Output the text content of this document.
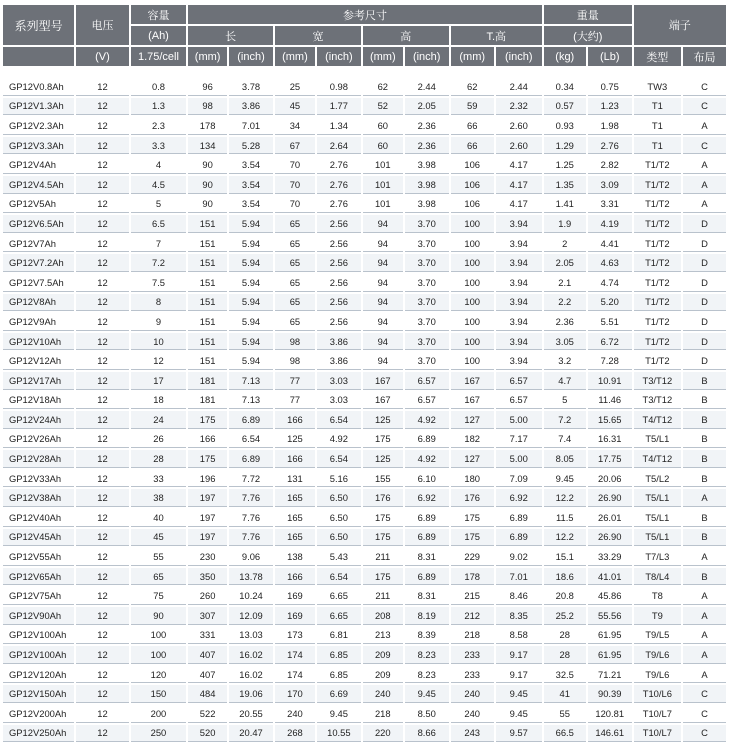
系列型号	电压	容量	参考尺寸								重量		端子	
		(Ah)	长		宽		高		T.高		(大约)			
	(V)	1.75/cell	(mm)	(inch)	(mm)	(inch)	(mm)	(inch)	(mm)	(inch)	(kg)	(Lb)	类型	布局

GP12V0.8Ah	12	0.8	96	3.78	25	0.98	62	2.44	62	2.44	0.34	0.75	TW3	C
GP12V1.3Ah	12	1.3	98	3.86	45	1.77	52	2.05	59	2.32	0.57	1.23	T1	C
GP12V2.3Ah	12	2.3	178	7.01	34	1.34	60	2.36	66	2.60	0.93	1.98	T1	A
GP12V3.3Ah	12	3.3	134	5.28	67	2.64	60	2.36	66	2.60	1.29	2.76	T1	C
GP12V4Ah	12	4	90	3.54	70	2.76	101	3.98	106	4.17	1.25	2.82	T1/T2	A
GP12V4.5Ah	12	4.5	90	3.54	70	2.76	101	3.98	106	4.17	1.35	3.09	T1/T2	A
GP12V5Ah	12	5	90	3.54	70	2.76	101	3.98	106	4.17	1.41	3.31	T1/T2	A
GP12V6.5Ah	12	6.5	151	5.94	65	2.56	94	3.70	100	3.94	1.9	4.19	T1/T2	D
GP12V7Ah	12	7	151	5.94	65	2.56	94	3.70	100	3.94	2	4.41	T1/T2	D
GP12V7.2Ah	12	7.2	151	5.94	65	2.56	94	3.70	100	3.94	2.05	4.63	T1/T2	D
GP12V7.5Ah	12	7.5	151	5.94	65	2.56	94	3.70	100	3.94	2.1	4.74	T1/T2	D
GP12V8Ah	12	8	151	5.94	65	2.56	94	3.70	100	3.94	2.2	5.20	T1/T2	D
GP12V9Ah	12	9	151	5.94	65	2.56	94	3.70	100	3.94	2.36	5.51	T1/T2	D
GP12V10Ah	12	10	151	5.94	98	3.86	94	3.70	100	3.94	3.05	6.72	T1/T2	D
GP12V12Ah	12	12	151	5.94	98	3.86	94	3.70	100	3.94	3.2	7.28	T1/T2	D
GP12V17Ah	12	17	181	7.13	77	3.03	167	6.57	167	6.57	4.7	10.91	T3/T12	B
GP12V18Ah	12	18	181	7.13	77	3.03	167	6.57	167	6.57	5	11.46	T3/T12	B
GP12V24Ah	12	24	175	6.89	166	6.54	125	4.92	127	5.00	7.2	15.65	T4/T12	B
GP12V26Ah	12	26	166	6.54	125	4.92	175	6.89	182	7.17	7.4	16.31	T5/L1	B
GP12V28Ah	12	28	175	6.89	166	6.54	125	4.92	127	5.00	8.05	17.75	T4/T12	B
GP12V33Ah	12	33	196	7.72	131	5.16	155	6.10	180	7.09	9.45	20.06	T5/L2	B
GP12V38Ah	12	38	197	7.76	165	6.50	176	6.92	176	6.92	12.2	26.90	T5/L1	A
GP12V40Ah	12	40	197	7.76	165	6.50	175	6.89	175	6.89	11.5	26.01	T5/L1	B
GP12V45Ah	12	45	197	7.76	165	6.50	175	6.89	175	6.89	12.2	26.90	T5/L1	B
GP12V55Ah	12	55	230	9.06	138	5.43	211	8.31	229	9.02	15.1	33.29	T7/L3	A
GP12V65Ah	12	65	350	13.78	166	6.54	175	6.89	178	7.01	18.6	41.01	T8/L4	B
GP12V75Ah	12	75	260	10.24	169	6.65	211	8.31	215	8.46	20.8	45.86	T8	A
GP12V90Ah	12	90	307	12.09	169	6.65	208	8.19	212	8.35	25.2	55.56	T9	A
GP12V100Ah	12	100	331	13.03	173	6.81	213	8.39	218	8.58	28	61.95	T9/L5	A
GP12V100Ah	12	100	407	16.02	174	6.85	209	8.23	233	9.17	28	61.95	T9/L6	A
GP12V120Ah	12	120	407	16.02	174	6.85	209	8.23	233	9.17	32.5	71.21	T9/L6	A
GP12V150Ah	12	150	484	19.06	170	6.69	240	9.45	240	9.45	41	90.39	T10/L6	C
GP12V200Ah	12	200	522	20.55	240	9.45	218	8.50	240	9.45	55	120.81	T10/L7	C
GP12V250Ah	12	250	520	20.47	268	10.55	220	8.66	243	9.57	66.5	146.61	T10/L7	C
